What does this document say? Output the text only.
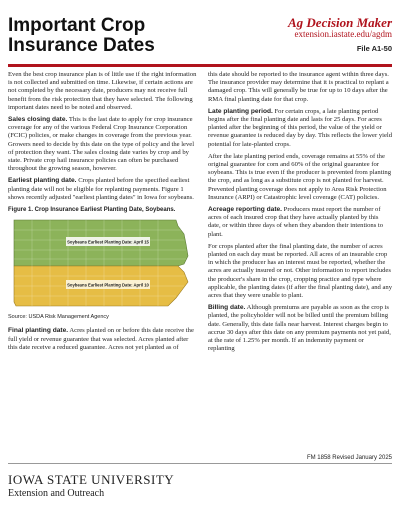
Important Crop
Insurance Dates
Ag Decision Maker
extension.iastate.edu/agdm
File A1-50

Even the best crop insurance plan is of little use if the right information is not collected and submitted on time. Likewise, if certain actions are not completed by the necessary date, producers may not receive full benefit from the risk protection that they have selected. The following important dates need to be noted and observed.

Sales closing date. This is the last date to apply for crop insurance coverage for any of the various Federal Crop Insurance Corporation (FCIC) policies, or make changes in coverage from the previous year. Growers need to decide by this date on the type of policy and the level of protection they want. The sales closing date varies by crop and by state. Private crop hail insurance policies can often be purchased throughout the growing season, however.

Earliest planting date. Crops planted before the specified earliest planting date will not be eligible for replanting payments. Figure 1 shows recently adjusted "earliest planting dates" in Iowa for soybeans.

Figure 1. Crop Insurance Earliest Planting Date, Soybeans.
Soybeans Earliest Planting Date: April 15
Soybeans Earliest Planting Date: April 10
Source: USDA Risk Management Agency

Final planting date. Acres planted on or before this date receive the full yield or revenue guarantee that was selected. Acres planted after this date receive a reduced guarantee. Acres not yet planted as of

this date should be reported to the insurance agent within three days. The insurance provider may determine that it is practical to replant a damaged crop. This will generally be true for up to 10 days after the RMA final planting date for that crop.

Late planting period. For certain crops, a late planting period begins after the final planting date and lasts for 25 days. For acres planted after the beginning of this period, the value of the yield or revenue guarantee is reduced day by day. This reflects the lower yield potential for late-planted crops.

After the late planting period ends, coverage remains at 55% of the original guarantee for corn and 60% of the original guarantee for soybeans. This is true even if the producer is prevented from planting the crop, and as long as a substitute crop is not planted for harvest. Prevented planting coverage does not apply to Area Risk Protection Insurance (ARPI) or Catastrophic level coverage (CAT) policies.

Acreage reporting date. Producers must report the number of acres of each insured crop that they have actually planted by this date, or within three days of when they abandon their intentions to plant.

For crops planted after the final planting date, the number of acres planted on each day must be reported. All acres of an insurable crop in which the producer has an interest must be reported, whether the acres are actually insured or not. Other information to report includes the producer's share in the crop, cropping practice and type where applicable, the planting dates (if after the final planting date), and any acres that they were unable to plant.

Billing date. Although premiums are payable as soon as the crop is planted, the policyholder will not be billed until the premium billing date. Generally, this date falls near harvest. Interest charges begin to accrue 30 days after this date on any premium payments not yet paid, at the rate of 1.25% per month. If an indemnity payment or replanting

FM 1858 Revised January 2025
IOWA STATE UNIVERSITY
Extension and Outreach
